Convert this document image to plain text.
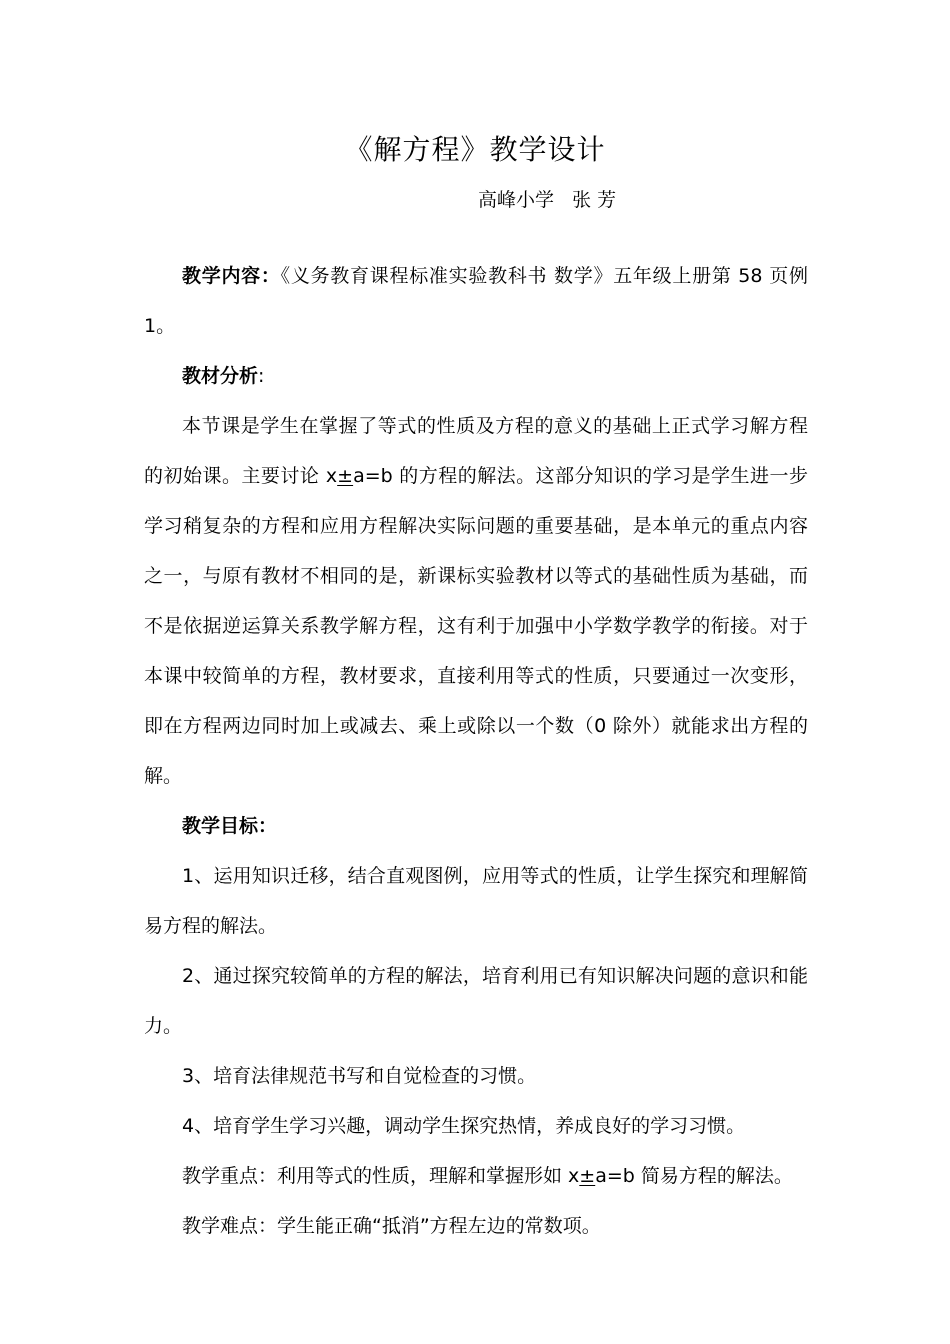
《解方程》教学设计
高峰小学   张 芳

教学内容：《义务教育课程标准实验教科书 数学》五年级上册第 58 页例 1。

教材分析:

本节课是学生在掌握了等式的性质及方程的意义的基础上正式学习解方程的初始课。主要讨论 x±a=b 的方程的解法。这部分知识的学习是学生进一步学习稍复杂的方程和应用方程解决实际问题的重要基础，是本单元的重点内容之一，与原有教材不相同的是，新课标实验教材以等式的基础性质为基础，而不是依据逆运算关系教学解方程，这有利于加强中小学数学教学的衔接。对于本课中较简单的方程，教材要求，直接利用等式的性质，只要通过一次变形，即在方程两边同时加上或减去、乘上或除以一个数（0 除外）就能求出方程的解。

教学目标：

1、运用知识迁移，结合直观图例，应用等式的性质，让学生探究和理解简易方程的解法。

2、通过探究较简单的方程的解法，培育利用已有知识解决问题的意识和能力。

3、培育法律规范书写和自觉检查的习惯。

4、培育学生学习兴趣，调动学生探究热情，养成良好的学习习惯。

教学重点：利用等式的性质，理解和掌握形如 x±a=b 简易方程的解法。

教学难点：学生能正确“抵消”方程左边的常数项。
